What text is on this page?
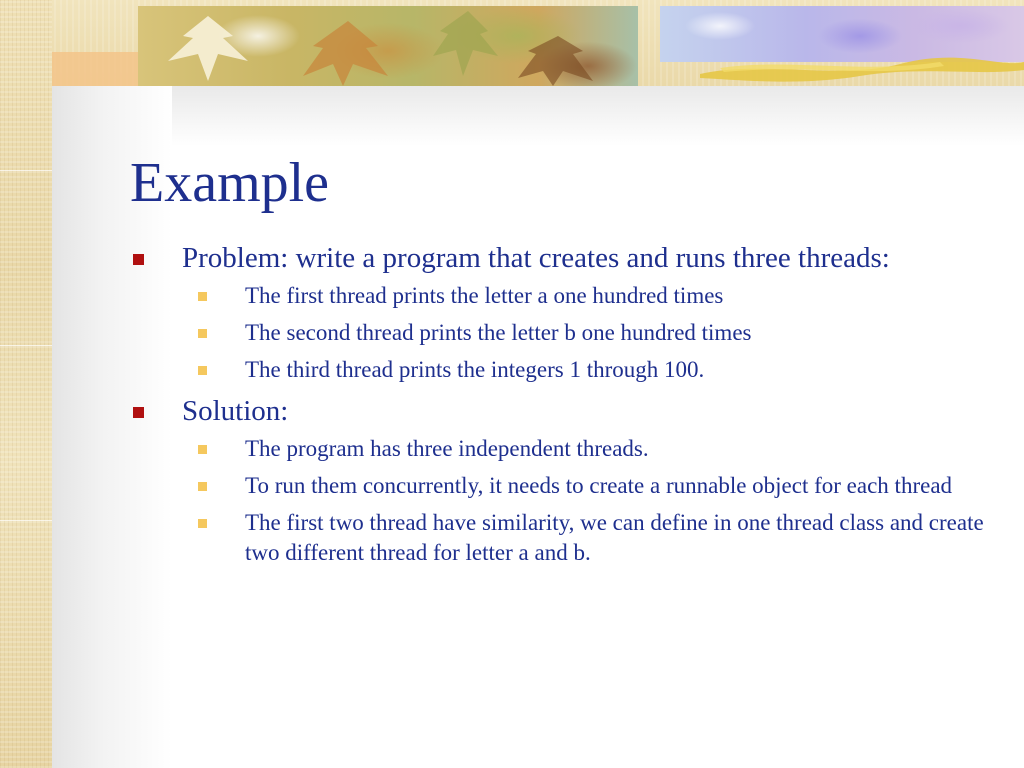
Example
Problem: write a program that creates and runs three threads:
The first thread prints the letter a one hundred times
The second thread prints the letter b one hundred times
The third thread prints the integers 1 through 100.
Solution:
The program has three independent threads.
To run them concurrently, it needs to create a runnable object for each thread
The first two thread have similarity, we can define in one thread class and create two different thread for letter a and b.
